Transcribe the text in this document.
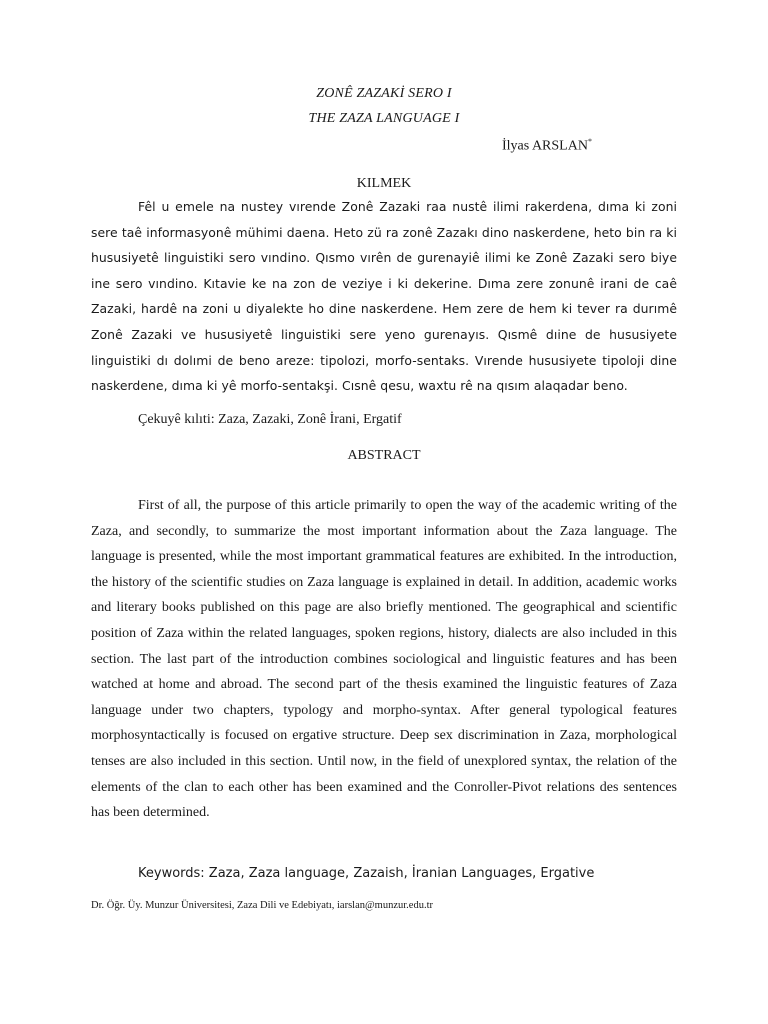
ZONÊ ZAZAKİ SERO I
THE ZAZA LANGUAGE I
İlyas ARSLAN*
KILMEK

Fêl u emele na nustey vırende Zonê Zazaki raa nustê ilimi rakerdena, dıma ki zoni sere taê informasyonê mühimi daena. Heto zü ra zonê Zazakı dino naskerdene, heto bin ra ki hususiyetê linguistiki sero vındino. Qısmo vırên de gurenayiê ilimi ke Zonê Zazaki sero biye ine sero vındino. Kıtavie ke na zon de veziye i ki dekerine. Dıma zere zonunê irani de caê Zazaki, hardê na zoni u diyalekte ho dine naskerdene. Hem zere de hem ki tever ra durımê Zonê Zazaki ve hususiyetê linguistiki sere yeno gurenayıs. Qısmê dıine de hususiyete linguistiki dı dolımi de beno areze: tipolozi, morfo-sentaks. Vırende hususiyete tipoloji dine naskerdene, dıma ki yê morfo-sentakşi. Cısnê qesu, waxtu rê na qısım alaqadar beno.

Çekuyê kılıti: Zaza, Zazaki, Zonê İrani, Ergatif
ABSTRACT

First of all, the purpose of this article primarily to open the way of the academic writing of the Zaza, and secondly, to summarize the most important information about the Zaza language. The language is presented, while the most important grammatical features are exhibited. In the introduction, the history of the scientific studies on Zaza language is explained in detail. In addition, academic works and literary books published on this page are also briefly mentioned. The geographical and scientific position of Zaza within the related languages, spoken regions, history, dialects are also included in this section. The last part of the introduction combines sociological and linguistic features and has been watched at home and abroad. The second part of the thesis examined the linguistic features of Zaza language under two chapters, typology and morpho-syntax. After general typological features morphosyntactically is focused on ergative structure. Deep sex discrimination in Zaza, morphological tenses are also included in this section. Until now, in the field of unexplored syntax, the relation of the elements of the clan to each other has been examined and the Conroller-Pivot relations des sentences has been determined.

Keywords: Zaza, Zaza language, Zazaish, İranian Languages, Ergative
Dr. Öğr. Üy. Munzur Üniversitesi, Zaza Dili ve Edebiyatı, iarslan@munzur.edu.tr
